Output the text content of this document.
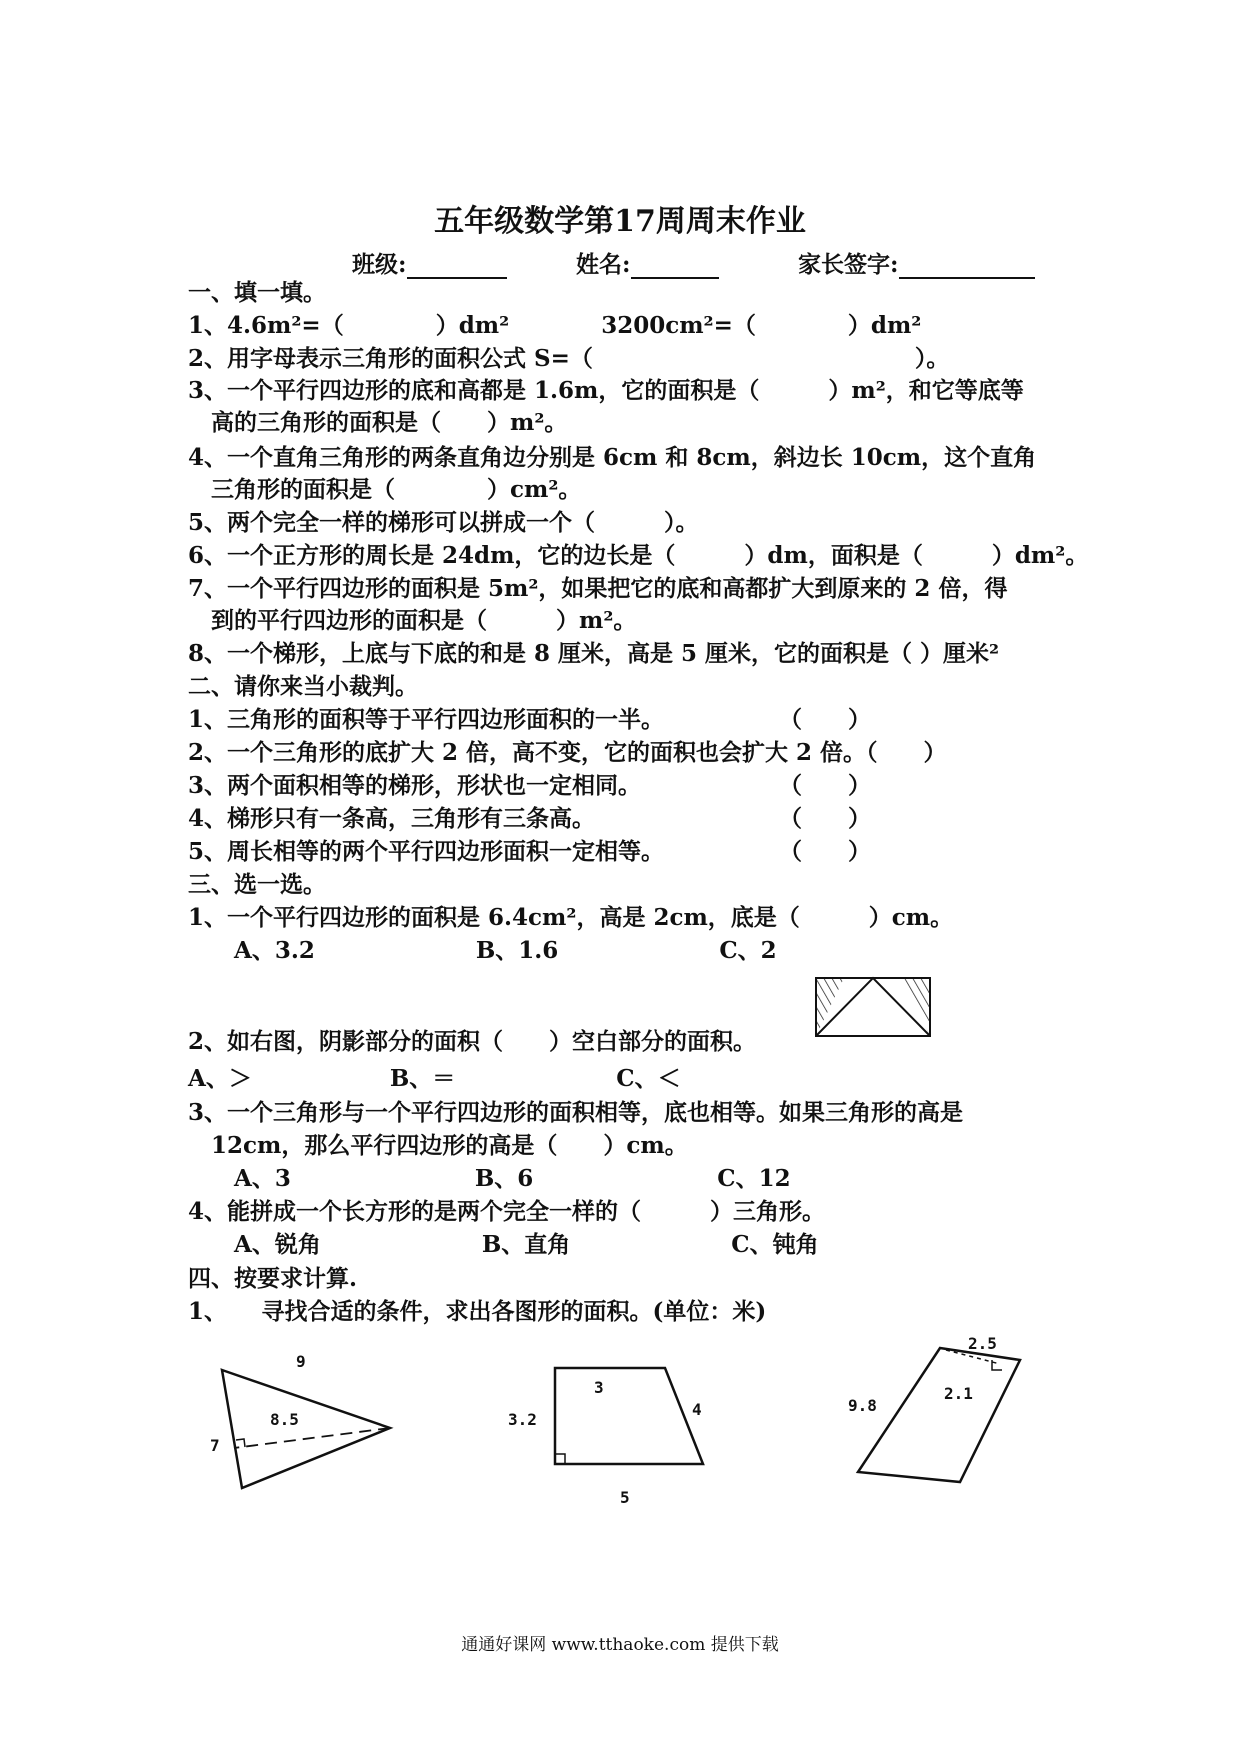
五年级数学第17周周末作业
班级:	姓名:	家长签字:
一、填一填。
1、4.6m²=（　　　　）dm²　　　　3200cm²=（　　　　）dm²
2、用字母表示三角形的面积公式 S=（　　　　　　　　　　　　　　）。
3、一个平行四边形的底和高都是 1.6m，它的面积是（　　　）m²，和它等底等
　高的三角形的面积是（　　）m²。
4、一个直角三角形的两条直角边分别是 6cm 和 8cm，斜边长 10cm，这个直角
　三角形的面积是（　　　　）cm²。
5、两个完全一样的梯形可以拼成一个（　　　）。
6、一个正方形的周长是 24dm，它的边长是（　　　）dm，面积是（　　　）dm²。
7、一个平行四边形的面积是 5m²，如果把它的底和高都扩大到原来的 2 倍，得
　到的平行四边形的面积是（　　　）m²。
8、一个梯形，上底与下底的和是 8 厘米，高是 5 厘米，它的面积是（ ）厘米²
二、请你来当小裁判。
1、三角形的面积等于平行四边形面积的一半。　　　　　　（　　）
2、一个三角形的底扩大 2 倍，高不变，它的面积也会扩大 2 倍。（　　）
3、两个面积相等的梯形，形状也一定相同。　　　　　　　（　　）
4、梯形只有一条高，三角形有三条高。　　　　　　　　　（　　）
5、周长相等的两个平行四边形面积一定相等。　　　　　　（　　）
三、选一选。
1、一个平行四边形的面积是 6.4cm²，高是 2cm，底是（　　　）cm。
　　A、3.2　　　　　　　B、1.6　　　　　　　C、2
2、如右图，阴影部分的面积（　　）空白部分的面积。
A、＞　　　　　　B、＝　　　　　　　C、＜
3、一个三角形与一个平行四边形的面积相等，底也相等。如果三角形的高是
　12cm，那么平行四边形的高是（　　）cm。
　　A、3　　　　　　　　B、6　　　　　　　　C、12
4、能拼成一个长方形的是两个完全一样的（　　　）三角形。
　　A、锐角　　　　　　　B、直角　　　　　　　C、钝角
四、按要求计算.
1、　　寻找合适的条件，求出各图形的面积。(单位：米)
9
8.5
7
3
3.2
4
5
2.5
2.1
9.8
通通好课网 www.tthaoke.com 提供下载
